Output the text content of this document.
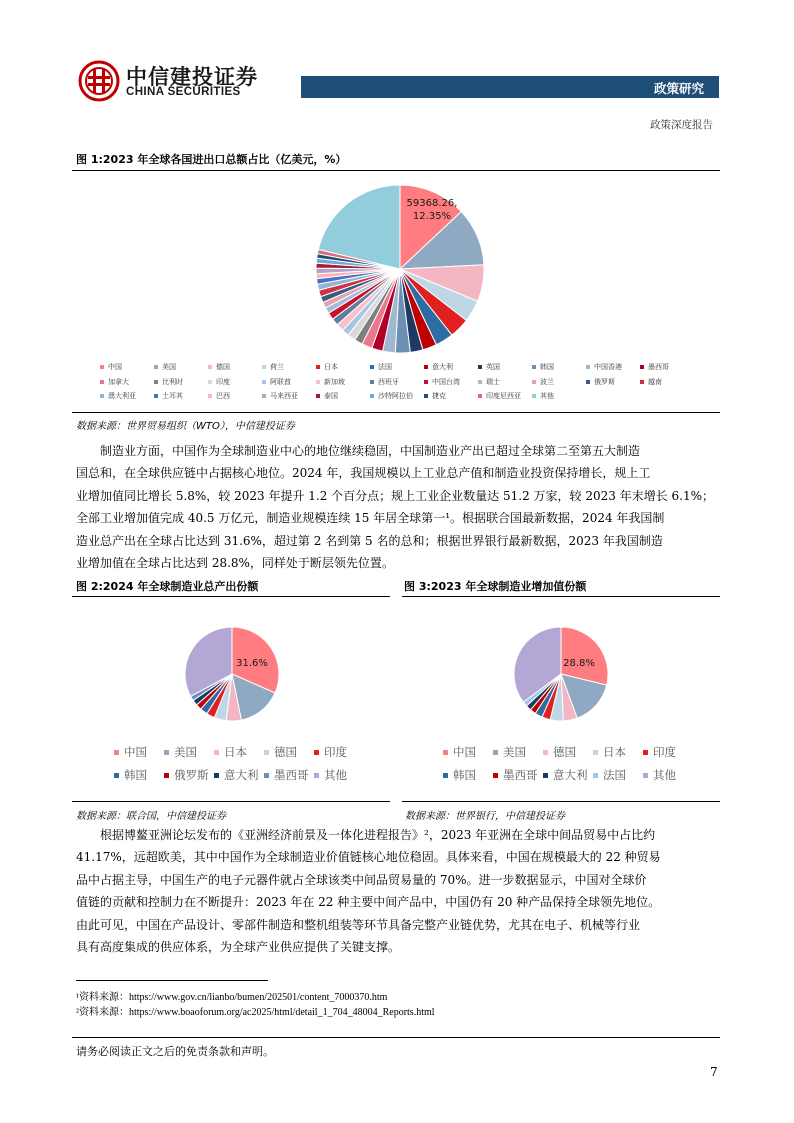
中信建投证券
CHINA SECURITIES	政策研究
政策深度报告
图 1:2023 年全球各国进出口总额占比（亿美元，%）
59368.26,
12.35%
中国	美国	德国	荷兰	日本	法国	意大利	英国	韩国	中国香港	墨西哥
加拿大	比利时	印度	阿联酋	新加坡	西班牙	中国台湾	瑞士	波兰	俄罗斯	越南
澳大利亚	土耳其	巴西	马来西亚	泰国	沙特阿拉伯	捷克	印度尼西亚	其他
数据来源：世界贸易组织（WTO），中信建投证券
制造业方面，中国作为全球制造业中心的地位继续稳固，中国制造业产出已超过全球第二至第五大制造
国总和，在全球供应链中占据核心地位。2024 年，我国规模以上工业总产值和制造业投资保持增长，规上工
业增加值同比增长 5.8%，较 2023 年提升 1.2 个百分点；规上工业企业数量达 51.2 万家，较 2023 年末增长 6.1%；
全部工业增加值完成 40.5 万亿元，制造业规模连续 15 年居全球第一¹。根据联合国最新数据，2024 年我国制
造业总产出在全球占比达到 31.6%，超过第 2 名到第 5 名的总和；根据世界银行最新数据，2023 年我国制造
业增加值在全球占比达到 28.8%，同样处于断层领先位置。
图 2:2024 年全球制造业总产出份额	图 3:2023 年全球制造业增加值份额
31.6%	28.8%
中国	美国	日本	德国	印度
韩国	俄罗斯	意大利	墨西哥	其他
中国	美国	德国	日本	印度
韩国	墨西哥	意大利	法国	其他
数据来源：联合国，中信建投证券	数据来源：世界银行，中信建投证券
根据博鳌亚洲论坛发布的《亚洲经济前景及一体化进程报告》²，2023 年亚洲在全球中间品贸易中占比约
41.17%，远超欧美，其中中国作为全球制造业价值链核心地位稳固。具体来看，中国在规模最大的 22 种贸易
品中占据主导，中国生产的电子元器件就占全球该类中间品贸易量的 70%。进一步数据显示，中国对全球价
值链的贡献和控制力在不断提升：2023 年在 22 种主要中间产品中，中国仍有 20 种产品保持全球领先地位。
由此可见，中国在产品设计、零部件制造和整机组装等环节具备完整产业链优势，尤其在电子、机械等行业
具有高度集成的供应体系，为全球产业供应提供了关键支撑。
¹资料来源：https://www.gov.cn/lianbo/bumen/202501/content_7000370.htm
²资料来源：https://www.boaoforum.org/ac2025/html/detail_1_704_48004_Reports.html
请务必阅读正文之后的免责条款和声明。
7
